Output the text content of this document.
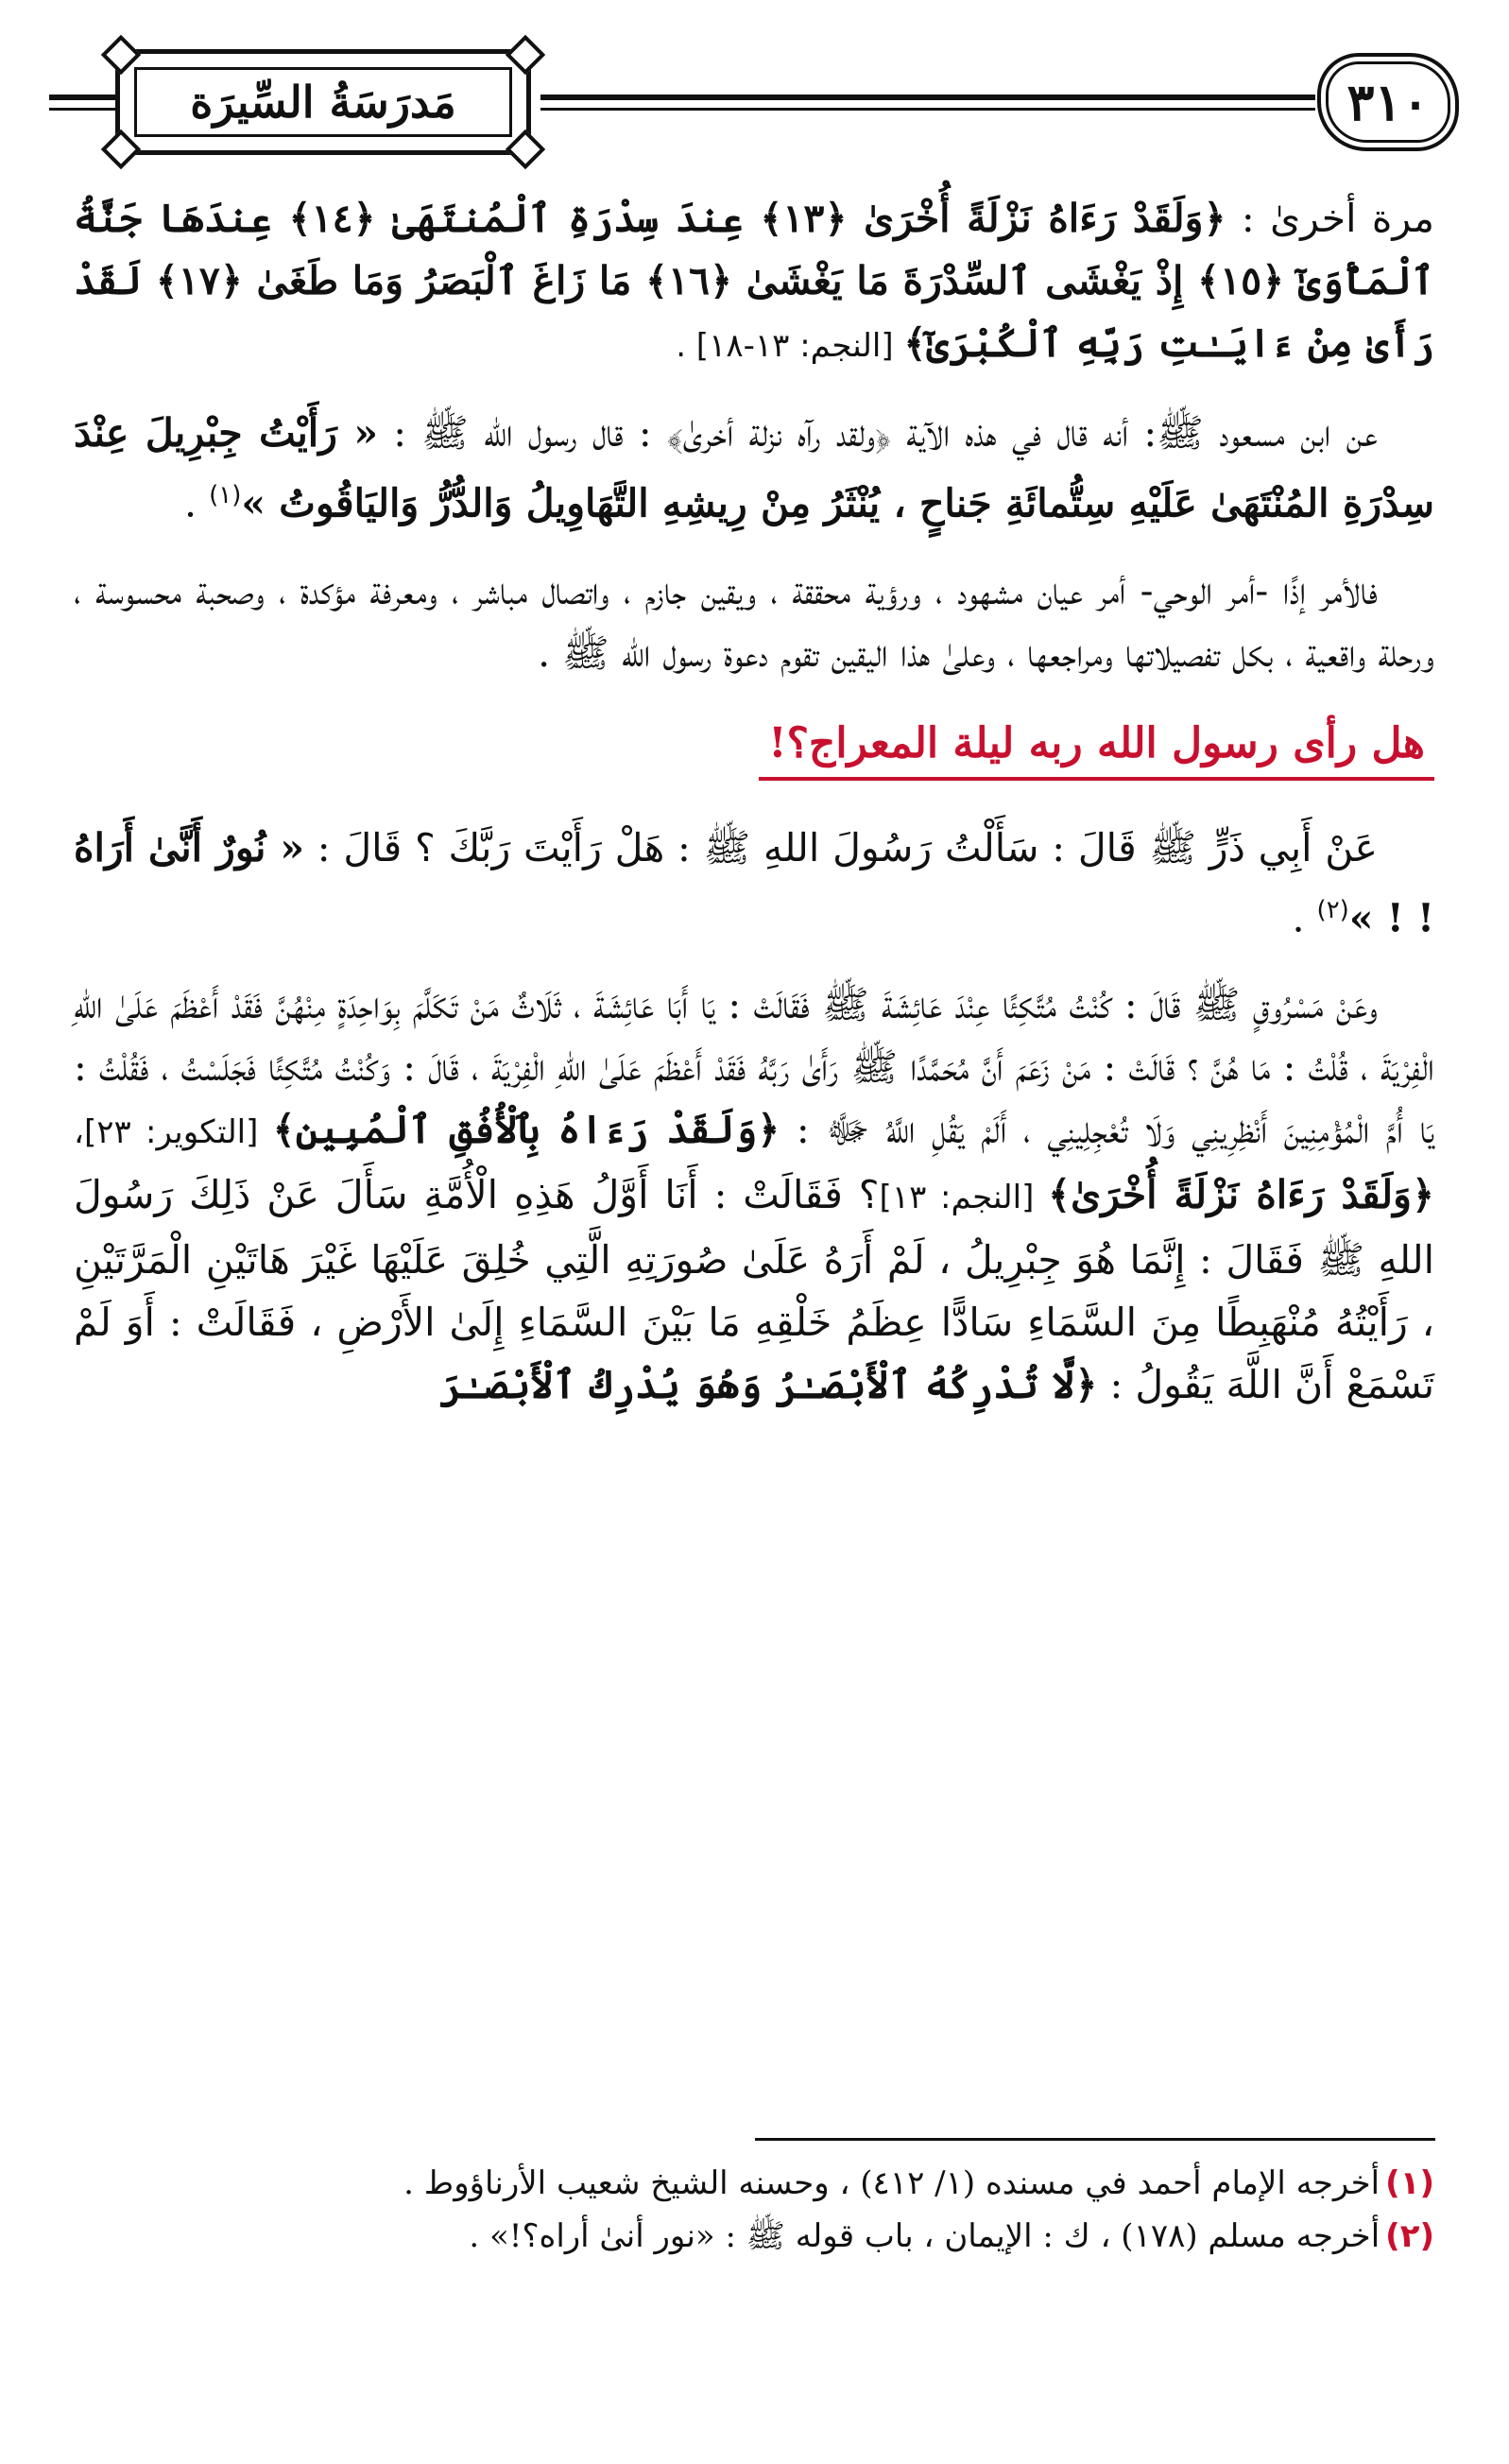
مَدرَسَةُ السِّيرَة	٣١٠

مرة أخرىٰ : ﴿وَلَقَدْ رَءَاهُ نَزْلَةً أُخْرَىٰ ﴿١٣﴾ عِندَ سِدْرَةِ ٱلْمُنتَهَىٰ ﴿١٤﴾ عِندَهَا جَنَّةُ ٱلْمَأْوَىٰٓ ﴿١٥﴾ إِذْ يَغْشَى ٱلسِّدْرَةَ مَا يَغْشَىٰ ﴿١٦﴾ مَا زَاغَ ٱلْبَصَرُ وَمَا طَغَىٰ ﴿١٧﴾ لَقَدْ رَأَىٰ مِنْ ءَايَـٰتِ رَبِّهِ ٱلْكُبْرَىٰٓ﴾ [النجم: ١٣-١٨] .

عن ابن مسعود ﷺ: أنه قال في هذه الآية ﴿ولقد رآه نزلة أخرىٰ﴾ : قال رسول الله ﷺ : « رَأَيْتُ جِبْرِيلَ عِنْدَ سِدْرَةِ المُنْتَهَىٰ عَلَيْهِ سِتُّمائَةِ جَناحٍ ، يُنْثَرُ مِنْ رِيشِهِ التَّهَاوِيلُ وَالدُّرُّ وَاليَاقُوتُ »$^{(١)}$ .

فالأمر إذًا -أمر الوحي- أمر عيان مشهود ، ورؤية محققة ، ويقين جازم ، واتصال مباشر ، ومعرفة مؤكدة ، وصحبة محسوسة ، ورحلة واقعية ، بكل تفصيلاتها ومراجعها ، وعلىٰ هذا اليقين تقوم دعوة رسول الله ﷺ .

هل رأى رسول الله ربه ليلة المعراج؟!

عَنْ أَبِي ذَرٍّ ﷺ قَالَ : سَأَلْتُ رَسُولَ اللهِ ﷺ : هَلْ رَأَيْتَ رَبَّكَ ؟ قَالَ : « نُورٌ أَنَّىٰ أَرَاهُ ! ! »$^{(٢)}$ .

وعَنْ مَسْرُوقٍ ﷺ قَالَ : كُنْتُ مُتَّكِئًا عِنْدَ عَائِشَةَ ﷺ فَقَالَتْ : يَا أَبَا عَائِشَةَ ، ثَلَاثٌ مَنْ تَكَلَّمَ بِوَاحِدَةٍ مِنْهُنَّ فَقَدْ أَعْظَمَ عَلَىٰ اللهِ الْفِرْيَةَ ، قُلْتُ : مَا هُنَّ ؟ قَالَتْ : مَنْ زَعَمَ أَنَّ مُحَمَّدًا ﷺ رَأَىٰ رَبَّهُ فَقَدْ أَعْظَمَ عَلَىٰ اللهِ الْفِرْيَةَ ، قَالَ : وَكُنْتُ مُتَّكِئًا فَجَلَسْتُ ، فَقُلْتُ : يَا أُمَّ الْمُؤْمِنِينَ أَنْظِرِينِي وَلَا تُعْجِلِينِي ، أَلَمْ يَقُلِ اللَّهُ ﷻ : ﴿وَلَقَدْ رَءَاهُ بِٱلْأُفُقِ ٱلْمُبِينِ﴾ [التكوير: ٢٣]، ﴿وَلَقَدْ رَءَاهُ نَزْلَةً أُخْرَىٰ﴾ [النجم: ١٣]؟ فَقَالَتْ : أَنَا أَوَّلُ هَذِهِ الْأُمَّةِ سَأَلَ عَنْ ذَلِكَ رَسُولَ اللهِ ﷺ فَقَالَ : إِنَّمَا هُوَ جِبْرِيلُ ، لَمْ أَرَهُ عَلَىٰ صُورَتِهِ الَّتِي خُلِقَ عَلَيْهَا غَيْرَ هَاتَيْنِ الْمَرَّتَيْنِ ، رَأَيْتُهُ مُنْهَبِطًا مِنَ السَّمَاءِ سَادًّا عِظَمُ خَلْقِهِ مَا بَيْنَ السَّمَاءِ إِلَىٰ الأَرْضِ ، فَقَالَتْ : أَوَ لَمْ تَسْمَعْ أَنَّ اللَّهَ يَقُولُ : ﴿لَّا تُدْرِكُهُ ٱلْأَبْصَـٰرُ وَهُوَ يُدْرِكُ ٱلْأَبْصَـٰرَ

(١)أخرجه الإمام أحمد في مسنده (١/ ٤١٢) ، وحسنه الشيخ شعيب الأرناؤوط .
(٢)أخرجه مسلم (١٧٨) ، ك : الإيمان ، باب قوله ﷺ : «نور أنىٰ أراه؟!» .
